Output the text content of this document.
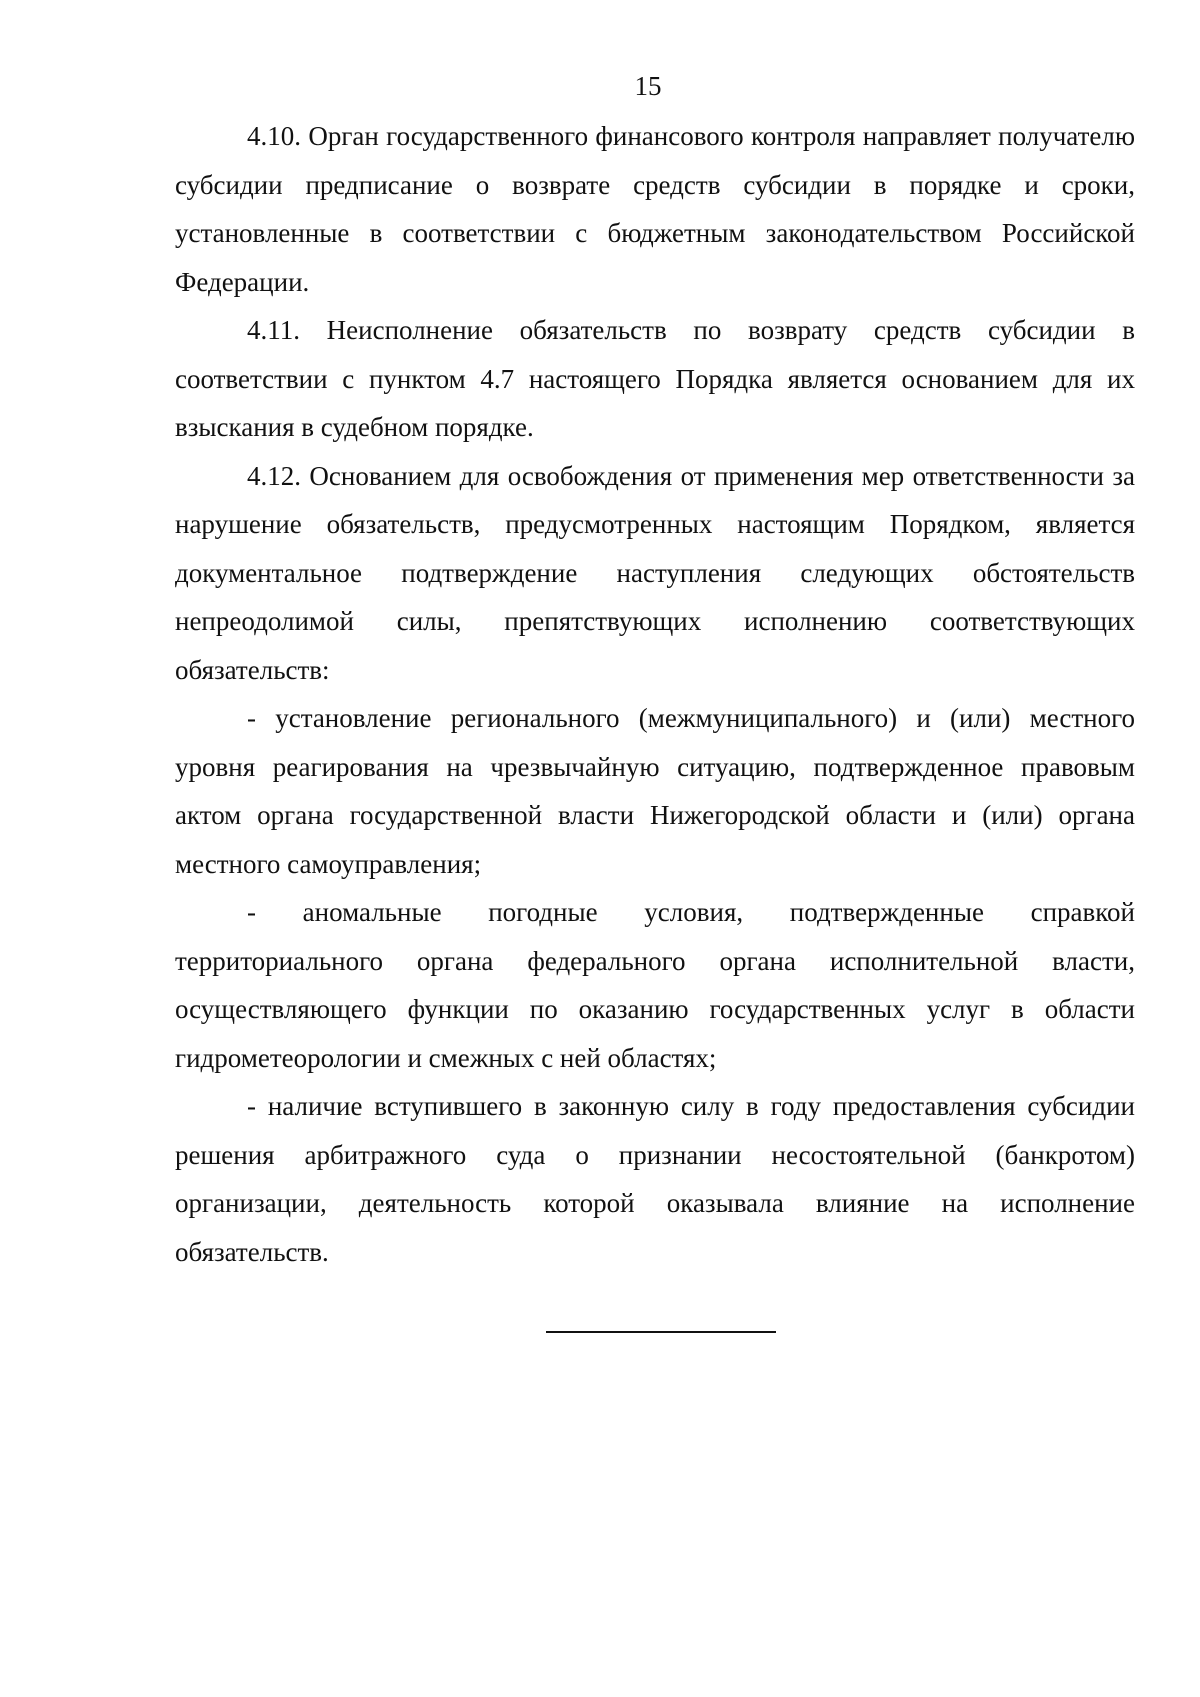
15

4.10. Орган государственного финансового контроля направляет получателю субсидии предписание о возврате средств субсидии в порядке и сроки, установленные в соответствии с бюджетным законодательством Российской Федерации.

4.11. Неисполнение обязательств по возврату средств субсидии в соответствии с пунктом 4.7 настоящего Порядка является основанием для их взыскания в судебном порядке.

4.12. Основанием для освобождения от применения мер ответственности за нарушение обязательств, предусмотренных настоящим Порядком, является документальное подтверждение наступления следующих обстоятельств непреодолимой силы, препятствующих исполнению соответствующих обязательств:

- установление регионального (межмуниципального) и (или) местного уровня реагирования на чрезвычайную ситуацию, подтвержденное правовым актом органа государственной власти Нижегородской области и (или) органа местного самоуправления;

- аномальные погодные условия, подтвержденные справкой территориального органа федерального органа исполнительной власти, осуществляющего функции по оказанию государственных услуг в области гидрометеорологии и смежных с ней областях;

- наличие вступившего в законную силу в году предоставления субсидии решения арбитражного суда о признании несостоятельной (банкротом) организации, деятельность которой оказывала влияние на исполнение обязательств.
